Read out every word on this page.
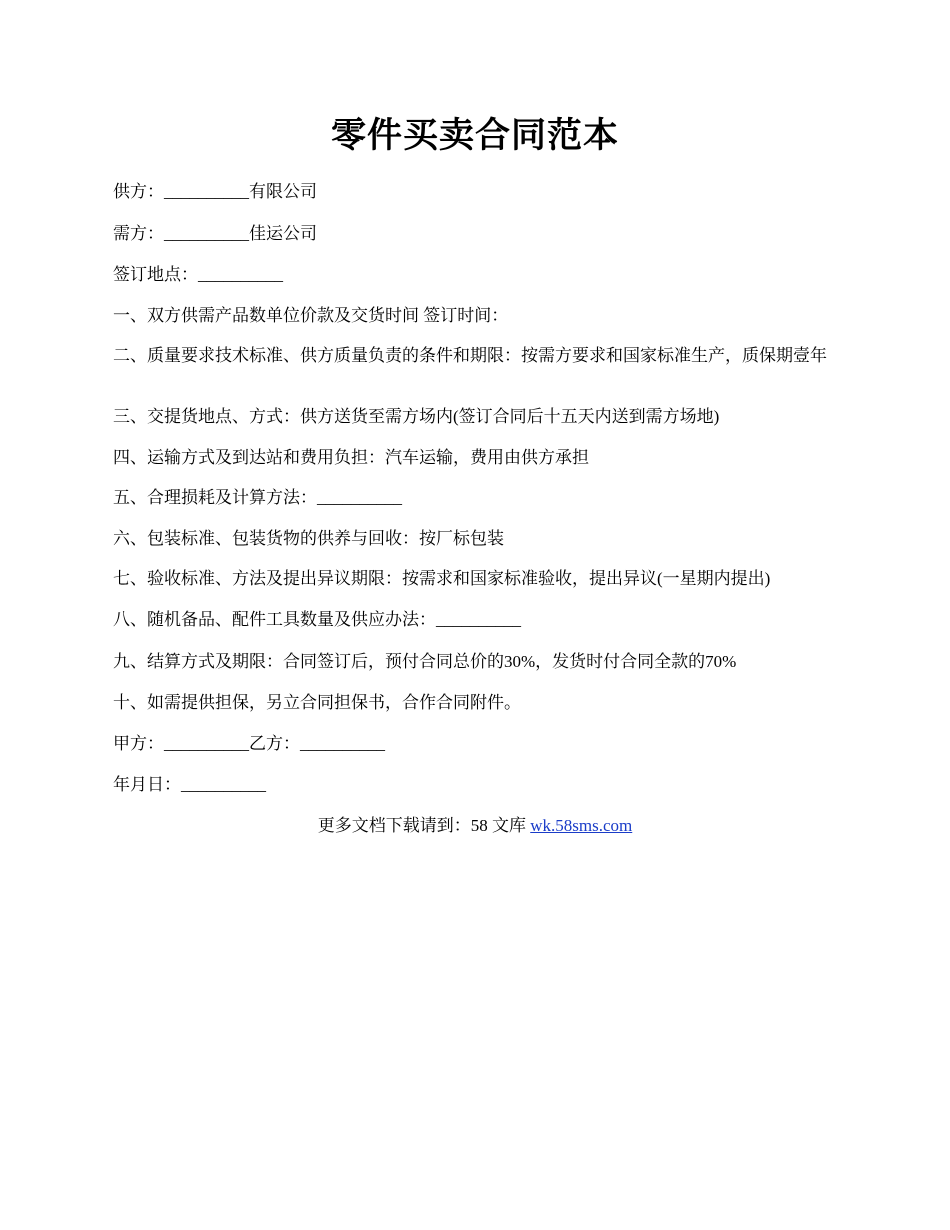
零件买卖合同范本
供方：__________有限公司
需方：__________佳运公司
签订地点：__________
一、双方供需产品数单位价款及交货时间 签订时间：
二、质量要求技术标准、供方质量负责的条件和期限：按需方要求和国家标准生产，质保期壹年
三、交提货地点、方式：供方送货至需方场内(签订合同后十五天内送到需方场地)
四、运输方式及到达站和费用负担：汽车运输，费用由供方承担
五、合理损耗及计算方法：__________
六、包装标准、包装货物的供养与回收：按厂标包装
七、验收标准、方法及提出异议期限：按需求和国家标准验收，提出异议(一星期内提出)
八、随机备品、配件工具数量及供应办法：__________
九、结算方式及期限：合同签订后，预付合同总价的30%，发货时付合同全款的70%
十、如需提供担保，另立合同担保书，合作合同附件。
甲方：__________乙方：__________
年月日：__________
更多文档下载请到：58 文库 wk.58sms.com
